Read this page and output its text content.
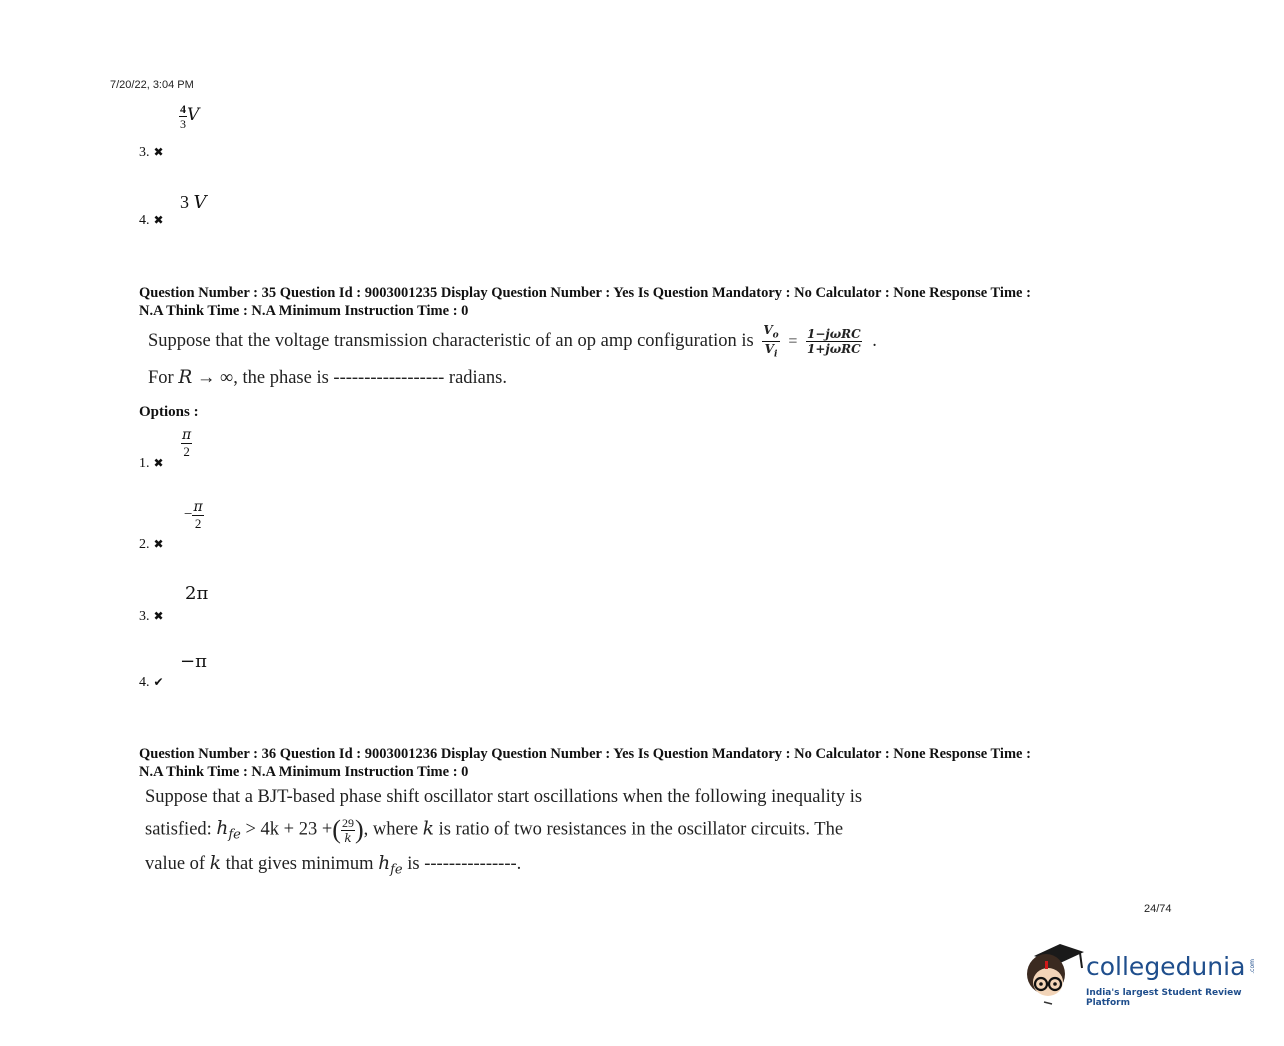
7/20/22, 3:04 PM
$\frac{4}{3}$ V
3. ✖
3 V
4. ✖
Question Number : 35 Question Id : 9003001235 Display Question Number : Yes Is Question Mandatory : No Calculator : None Response Time :
N.A Think Time : N.A Minimum Instruction Time : 0
Suppose that the voltage transmission characteristic of an op amp configuration is $\frac{V_o}{V_i} = \frac{\text{1−jωRC}}{\text{1+jωRC}}$ .
For R → ∞, the phase is ------------------ radians.
Options :
$\frac{\pi}{2}$
1. ✖
− $\frac{\pi}{2}$
2. ✖
2π
3. ✖
−π
4. ✔
Question Number : 36 Question Id : 9003001236 Display Question Number : Yes Is Question Mandatory : No Calculator : None Response Time :
N.A Think Time : N.A Minimum Instruction Time : 0
Suppose that a BJT-based phase shift oscillator start oscillations when the following inequality is
satisfied: $h_{fe} > 4k + 23$ +( $\frac{29}{k}$ ), where k is ratio of two resistances in the oscillator circuits. The
value of k that gives minimum $h_{fe}$ is ---------------.
24/74
collegedunia .com
India's largest Student Review Platform
